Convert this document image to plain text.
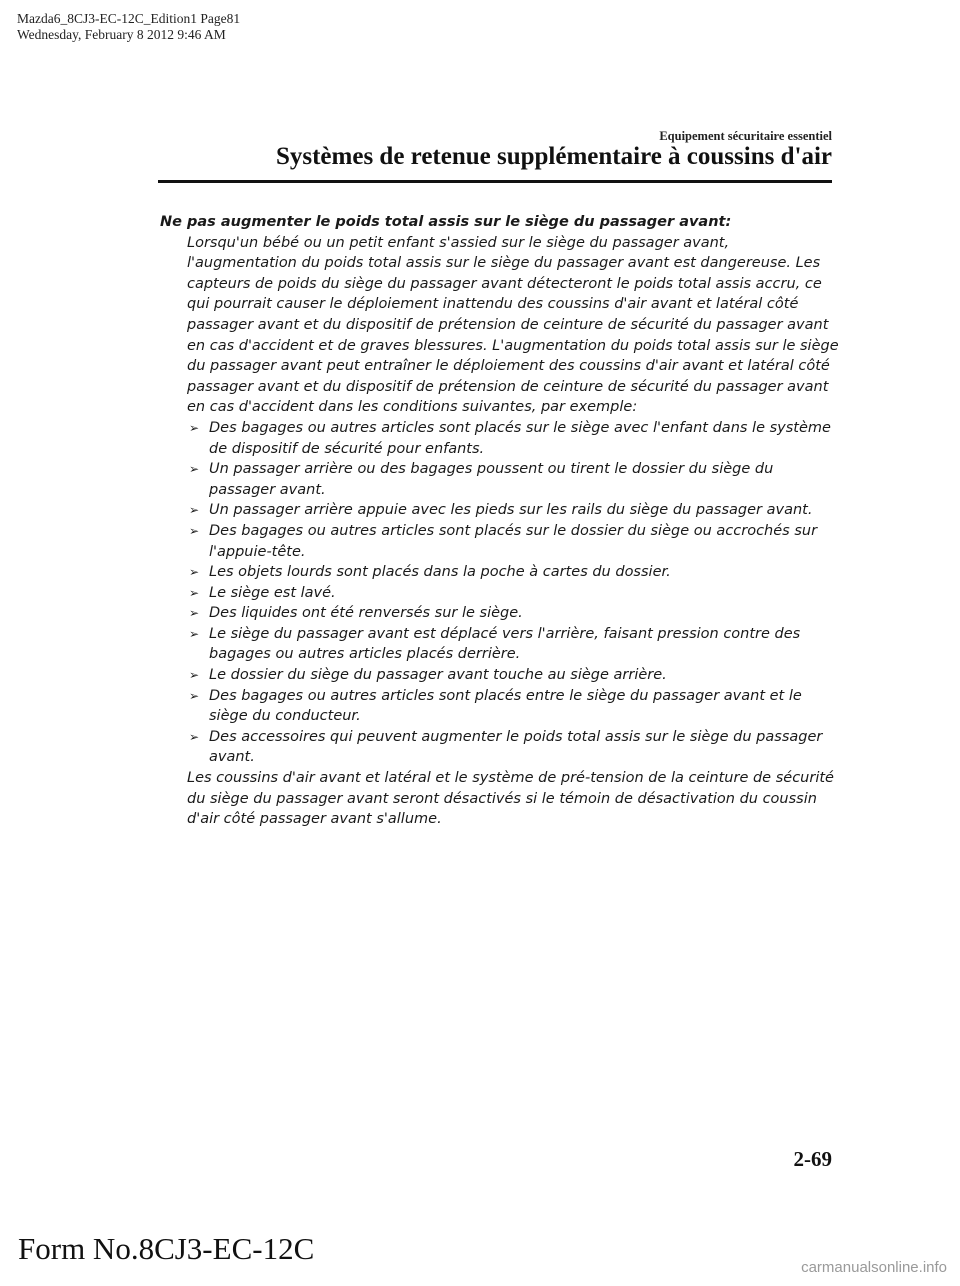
Mazda6_8CJ3-EC-12C_Edition1 Page81
Wednesday, February 8 2012 9:46 AM
Equipement sécuritaire essentiel
Systèmes de retenue supplémentaire à coussins d'air
Ne pas augmenter le poids total assis sur le siège du passager avant:
Lorsqu'un bébé ou un petit enfant s'assied sur le siège du passager avant, l'augmentation du poids total assis sur le siège du passager avant est dangereuse. Les capteurs de poids du siège du passager avant détecteront le poids total assis accru, ce qui pourrait causer le déploiement inattendu des coussins d'air avant et latéral côté passager avant et du dispositif de prétension de ceinture de sécurité du passager avant en cas d'accident et de graves blessures. L'augmentation du poids total assis sur le siège du passager avant peut entraîner le déploiement des coussins d'air avant et latéral côté passager avant et du dispositif de prétension de ceinture de sécurité du passager avant en cas d'accident dans les conditions suivantes, par exemple:
➢ Des bagages ou autres articles sont placés sur le siège avec l'enfant dans le système de dispositif de sécurité pour enfants.
➢ Un passager arrière ou des bagages poussent ou tirent le dossier du siège du passager avant.
➢ Un passager arrière appuie avec les pieds sur les rails du siège du passager avant.
➢ Des bagages ou autres articles sont placés sur le dossier du siège ou accrochés sur l'appuie-tête.
➢ Les objets lourds sont placés dans la poche à cartes du dossier.
➢ Le siège est lavé.
➢ Des liquides ont été renversés sur le siège.
➢ Le siège du passager avant est déplacé vers l'arrière, faisant pression contre des bagages ou autres articles placés derrière.
➢ Le dossier du siège du passager avant touche au siège arrière.
➢ Des bagages ou autres articles sont placés entre le siège du passager avant et le siège du conducteur.
➢ Des accessoires qui peuvent augmenter le poids total assis sur le siège du passager avant.
Les coussins d'air avant et latéral et le système de pré-tension de la ceinture de sécurité du siège du passager avant seront désactivés si le témoin de désactivation du coussin d'air côté passager avant s'allume.
2-69
Form No.8CJ3-EC-12C
carmanualsonline.info
